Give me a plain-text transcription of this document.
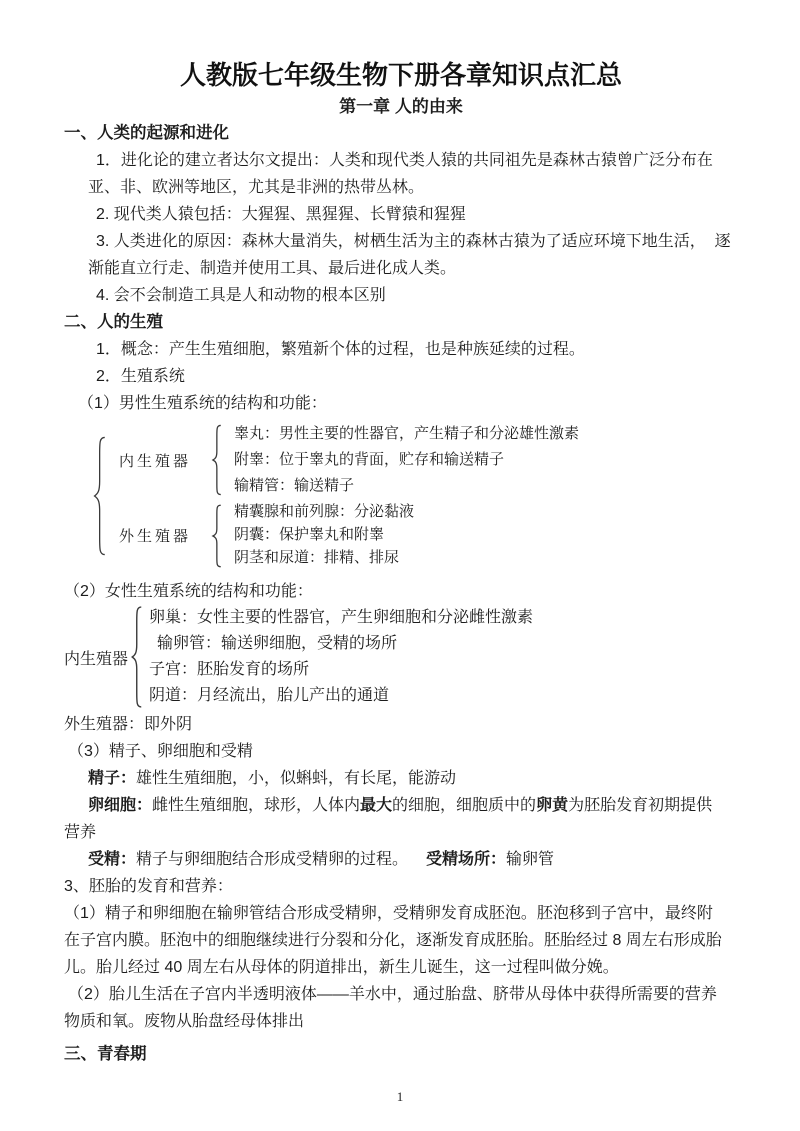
人教版七年级生物下册各章知识点汇总
第一章 人的由来
一、人类的起源和进化
1．进化论的建立者达尔文提出：人类和现代类人猿的共同祖先是森林古猿曾广泛分布在
亚、非、欧洲等地区，尤其是非洲的热带丛林。
2. 现代类人猿包括：大猩猩、黑猩猩、长臂猿和猩猩
3. 人类进化的原因：森林大量消失，树栖生活为主的森林古猿为了适应环境下地生活，  逐
渐能直立行走、制造并使用工具、最后进化成人类。
4. 会不会制造工具是人和动物的根本区别
二、人的生殖
1．概念：产生生殖细胞，繁殖新个体的过程，也是种族延续的过程。
2．生殖系统
（1）男性生殖系统的结构和功能：
内生殖器
睾丸：男性主要的性器官，产生精子和分泌雄性激素
附睾：位于睾丸的背面，贮存和输送精子
输精管：输送精子
外生殖器
精囊腺和前列腺：分泌黏液
阴囊：保护睾丸和附睾
阴茎和尿道：排精、排尿
（2）女性生殖系统的结构和功能：
内生殖器
卵巢：女性主要的性器官，产生卵细胞和分泌雌性激素
输卵管：输送卵细胞，受精的场所
子宫：胚胎发育的场所
阴道：月经流出，胎儿产出的通道
外生殖器：即外阴
（3）精子、卵细胞和受精
精子：雄性生殖细胞，小，似蝌蚪，有长尾，能游动
卵细胞：雌性生殖细胞，球形，人体内最大的细胞，细胞质中的卵黄为胚胎发育初期提供
营养
受精：精子与卵细胞结合形成受精卵的过程。 受精场所：输卵管
3、胚胎的发育和营养：
（1）精子和卵细胞在输卵管结合形成受精卵，受精卵发育成胚泡。胚泡移到子宫中，最终附
在子宫内膜。胚泡中的细胞继续进行分裂和分化，逐渐发育成胚胎。胚胎经过 8 周左右形成胎
儿。胎儿经过 40 周左右从母体的阴道排出，新生儿诞生，这一过程叫做分娩。
（2）胎儿生活在子宫内半透明液体——羊水中，通过胎盘、脐带从母体中获得所需要的营养
物质和氧。废物从胎盘经母体排出
三、青春期
1
